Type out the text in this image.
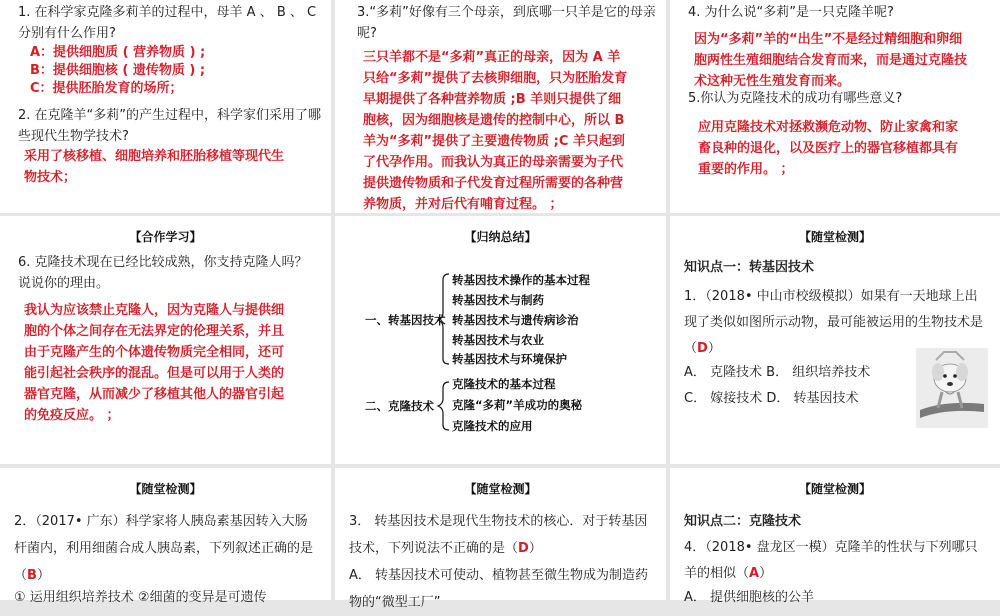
1. 在科学家克隆多莉羊的过程中，母羊 A 、 B 、 C 分别有什么作用?
A：提供细胞质 ( 营养物质 ) ;
B：提供细胞核 ( 遗传物质 ) ;
C：提供胚胎发育的场所；
2. 在克隆羊“多莉”的产生过程中，科学家们采用了哪些现代生物学技术?
采用了核移植、细胞培养和胚胎移植等现代生物技术；
3.“多莉”好像有三个母亲，到底哪一只羊是它的母亲呢?
三只羊都不是“多莉”真正的母亲，因为 A 羊只给“多莉”提供了去核卵细胞，只为胚胎发育早期提供了各种营养物质 ;B 羊则只提供了细胞核，因为细胞核是遗传的控制中心，所以 B 羊为“多莉”提供了主要遗传物质 ;C 羊只起到了代孕作用。而我认为真正的母亲需要为子代提供遗传物质和子代发育过程所需要的各种营养物质，并对后代有哺育过程。 ；
4. 为什么说“多莉”是一只克隆羊呢?
因为“多莉”羊的“出生”不是经过精细胞和卵细胞两性生殖细胞结合发育而来，而是通过克隆技术这种无性生殖发育而来。
5.你认为克隆技术的成功有哪些意义?
应用克隆技术对拯救濒危动物、防止家禽和家畜良种的退化，以及医疗上的器官移植都具有重要的作用。 ；
【合作学习】
6. 克隆技术现在已经比较成熟，你支持克隆人吗？说说你的理由。
我认为应该禁止克隆人，因为克隆人与提供细胞的个体之间存在无法界定的伦理关系，并且由于克隆产生的个体遗传物质完全相同，还可能引起社会秩序的混乱。但是可以用于人类的器官克隆，从而减少了移植其他人的器官引起的免疫反应。 ；
【归纳总结】
一、转基因技术
转基因技术操作的基本过程
转基因技术与制药
转基因技术与遗传病诊治
转基因技术与农业
转基因技术与环境保护
二、克隆技术
克隆技术的基本过程
克隆“多莉”羊成功的奥秘
克隆技术的应用
【随堂检测】
知识点一：转基因技术
1．（2018• 中山市校级模拟）如果有一天地球上出现了类似如图所示动物，最可能被运用的生物技术是（D）
A． 克隆技术 B． 组织培养技术
C． 嫁接技术 D． 转基因技术
【随堂检测】
2．（2017• 广东）科学家将人胰岛素基因转入大肠杆菌内，利用细菌合成人胰岛素，下列叙述正确的是（B）
① 运用组织培养技术 ②细菌的变异是可遗传
【随堂检测】
3． 转基因技术是现代生物技术的核心．对于转基因技术，下列说法不正确的是（D）
A． 转基因技术可使动、植物甚至微生物成为制造药物的“微型工厂”
【随堂检测】
知识点二：克隆技术
4．（2018• 盘龙区一模）克隆羊的性状与下列哪只羊的相似（A）
A． 提供细胞核的公羊
